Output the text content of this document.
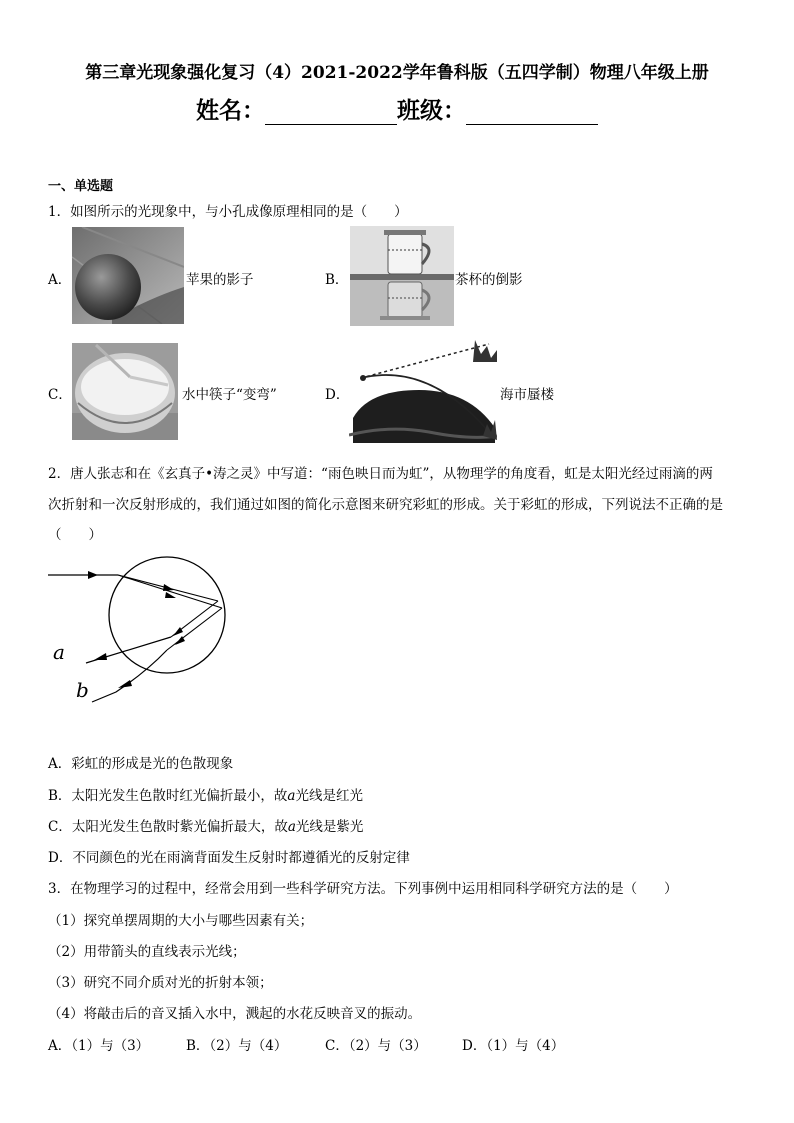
第三章光现象强化复习（4）2021-2022学年鲁科版（五四学制）物理八年级上册
姓名：	班级：
一、单选题
1．如图所示的光现象中，与小孔成像原理相同的是（　　）
A．	苹果的影子	B．	茶杯的倒影
C．	水中筷子“变弯”	D．	海市蜃楼
2．唐人张志和在《玄真子•涛之灵》中写道：“雨色映日而为虹”，从物理学的角度看，虹是太阳光经过雨滴的两
次折射和一次反射形成的，我们通过如图的简化示意图来研究彩虹的形成。关于彩虹的形成，下列说法不正确的是
（　　）
a
b
A．彩虹的形成是光的色散现象
B．太阳光发生色散时红光偏折最小，故a光线是红光
C．太阳光发生色散时紫光偏折最大，故a光线是紫光
D．不同颜色的光在雨滴背面发生反射时都遵循光的反射定律
3．在物理学习的过程中，经常会用到一些科学研究方法。下列事例中运用相同科学研究方法的是（　　）
（1）探究单摆周期的大小与哪些因素有关；
（2）用带箭头的直线表示光线；
（3）研究不同介质对光的折射本领；
（4）将敲击后的音叉插入水中，溅起的水花反映音叉的振动。
A．（1）与（3）	B．（2）与（4）	C．（2）与（3）	D．（1）与（4）
